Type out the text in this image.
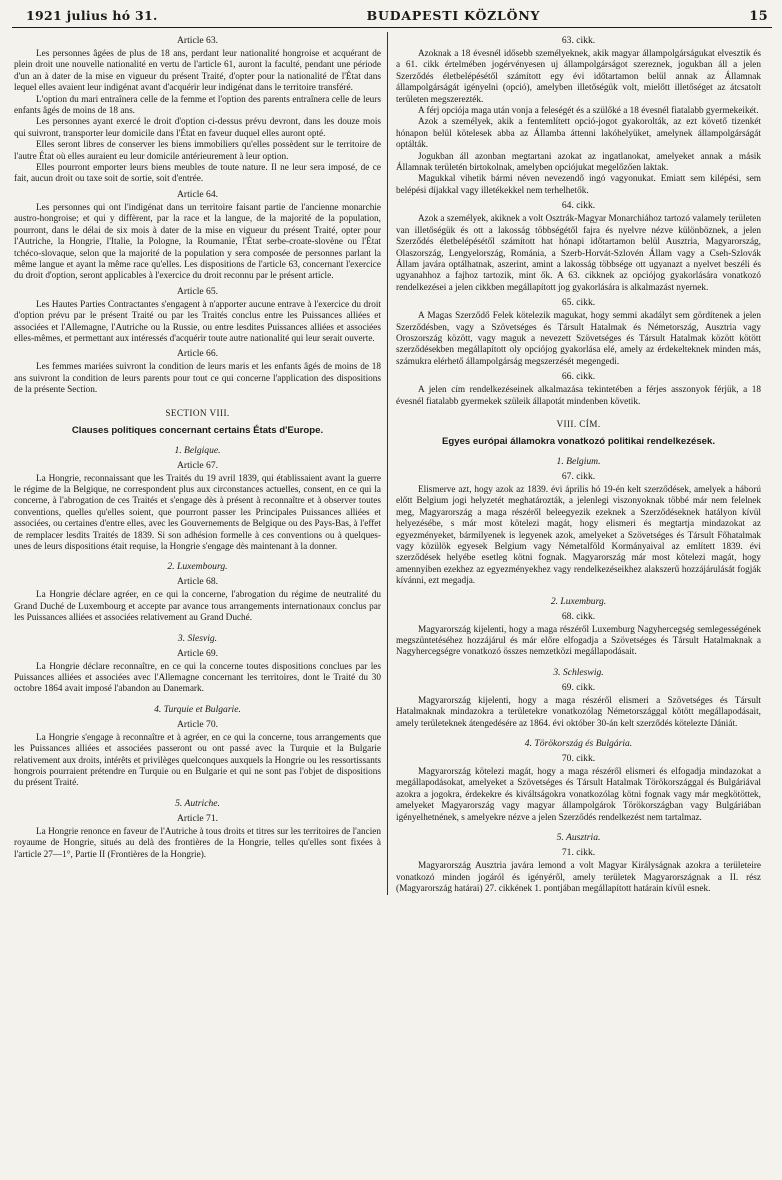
1921 julius hó 31.	BUDAPESTI KÖZLÖNY	15
Article 63.

Les personnes âgées de plus de 18 ans, perdant leur nationalité hongroise et acquérant de plein droit une nouvelle nationalité en vertu de l'article 61, auront la faculté, pendant une période d'un an à dater de la mise en vigueur du présent Traité, d'opter pour la nationalité de l'État dans lequel elles avaient leur indigénat avant d'acquérir leur indigénat dans le territoire transféré.

L'option du mari entraînera celle de la femme et l'option des parents entraînera celle de leurs enfants âgés de moins de 18 ans.

Les personnes ayant exercé le droit d'option ci-dessus prévu devront, dans les douze mois qui suivront, transporter leur domicile dans l'État en faveur duquel elles auront opté.

Elles seront libres de conserver les biens immobiliers qu'elles possèdent sur le territoire de l'autre État où elles auraient eu leur domicile antérieurement à leur option.

Elles pourront emporter leurs biens meubles de toute nature. Il ne leur sera imposé, de ce fait, aucun droit ou taxe soit de sortie, soit d'entrée.

Article 64.

Les personnes qui ont l'indigénat dans un territoire faisant partie de l'ancienne monarchie austro-hongroise; et qui y diffèrent, par la race et la langue, de la majorité de la population, pourront, dans le délai de six mois à dater de la mise en vigueur du présent Traité, opter pour l'Autriche, la Hongrie, l'Italie, la Pologne, la Roumanie, l'État serbe-croate-slovène ou l'État tchéco-slovaque, selon que la majorité de la population y sera composée de personnes parlant la même langue et ayant la même race qu'elles. Les dispositions de l'article 63, concernant l'exercice du droit d'option, seront applicables à l'exercice du droit reconnu par le présent article.

Article 65.

Les Hautes Parties Contractantes s'engagent à n'apporter aucune entrave à l'exercice du droit d'option prévu par le présent Traité ou par les Traités conclus entre les Puissances alliées et associées et l'Allemagne, l'Autriche ou la Russie, ou entre lesdites Puissances alliées et associées elles-mêmes, et permettant aux intéressés d'acquérir toute autre nationalité qui leur serait ouverte.

Article 66.

Les femmes mariées suivront la condition de leurs maris et les enfants âgés de moins de 18 ans suivront la condition de leurs parents pour tout ce qui concerne l'application des dispositions de la présente Section.

SECTION VIII.
Clauses politiques concernant certains États d'Europe.
1. Belgique.
Article 67.

La Hongrie, reconnaissant que les Traités du 19 avril 1839, qui établissaient avant la guerre le régime de la Belgique, ne correspondent plus aux circonstances actuelles, consent, en ce qui la concerne, à l'abrogation de ces Traités et s'engage dès à présent à reconnaître et à observer toutes conventions, quelles qu'elles soient, que pourront passer les Principales Puissances alliées et associées, ou certaines d'entre elles, avec les Gouvernements de Belgique ou des Pays-Bas, à l'effet de remplacer lesdits Traités de 1839. Si son adhésion formelle à ces conventions ou à quelques-unes de leurs dispositions était requise, la Hongrie s'engage dès maintenant à la donner.

2. Luxembourg.
Article 68.

La Hongrie déclare agréer, en ce qui la concerne, l'abrogation du régime de neutralité du Grand Duché de Luxembourg et accepte par avance tous arrangements internationaux conclus par les Puissances alliées et associées relativement au Grand Duché.

3. Slesvig.
Article 69.

La Hongrie déclare reconnaître, en ce qui la concerne toutes dispositions conclues par les Puissances alliées et associées avec l'Allemagne concernant les territoires, dont le Traité du 30 octobre 1864 avait imposé l'abandon au Danemark.

4. Turquie et Bulgarie.
Article 70.

La Hongrie s'engage à reconnaître et à agréer, en ce qui la concerne, tous arrangements que les Puissances alliées et associées passeront ou ont passé avec la Turquie et la Bulgarie relativement aux droits, intérêts et privilèges quelconques auxquels la Hongrie ou les ressortissants hongrois pourraient prétendre en Turquie ou en Bulgarie et qui ne sont pas l'objet de dispositions du présent Traité.

5. Autriche.
Article 71.

La Hongrie renonce en faveur de l'Autriche à tous droits et titres sur les territoires de l'ancien royaume de Hongrie, situés au delà des frontières de la Hongrie, telles qu'elles sont fixées à l'article 27—1°, Partie II (Frontières de la Hongrie).

63. cikk.

Azoknak a 18 évesnél idősebb személyeknek, akik magyar állampolgárságukat elvesztik és a 61. cikk értelmében jogérvényesen uj állampolgárságot szereznek, jogukban áll a jelen Szerződés életbelépésétől számított egy évi időtartamon belül annak az Államnak állampolgárságát igényelni (opció), amelyben illetőségük volt, mielőtt illetőséget az átcsatolt területen megszerezték.

A férj opciója maga után vonja a feleségét és a szülőké a 18 évesnél fiatalabb gyermekeikét.

Azok a személyek, akik a fentemlített opció-jogot gyakorolták, az ezt követő tizenkét hónapon belül kötelesek abba az Államba áttenni lakóhelyüket, amelynek állampolgárságát optálták.

Jogukban áll azonban megtartani azokat az ingatlanokat, amelyeket annak a másik Államnak területén birtokolnak, amelyben opciójukat megelőzően laktak.

Magukkal vihetik bármi néven nevezendő ingó vagyonukat. Emiatt sem kilépési, sem belépési díjakkal vagy illetékekkel nem terhelhetők.

64. cikk.

Azok a személyek, akiknek a volt Osztrák-Magyar Monarchiához tartozó valamely területen van illetőségük és ott a lakosság többségétől fajra és nyelvre nézve különböznek, a jelen Szerződés életbelépésétől számított hat hónapi időtartamon belül Ausztria, Magyarország, Olaszország, Lengyelország, Románia, a Szerb-Horvát-Szlovén Állam vagy a Cseh-Szlovák Állam javára optálhatnak, aszerint, amint a lakosság többsége ott ugyanazt a nyelvet beszéli és ugyanahhoz a fajhoz tartozik, mint ők. A 63. cikknek az opciójog gyakorlására vonatkozó rendelkezései a jelen cikkben megállapított jog gyakorlására is alkalmazást nyernek.

65. cikk.

A Magas Szerződő Felek kötelezik magukat, hogy semmi akadályt sem gördítenek a jelen Szerződésben, vagy a Szövetséges és Társult Hatalmak és Németország, Ausztria vagy Oroszország között, vagy maguk a nevezett Szövetséges és Társult Hatalmak között kötött szerződésekben megállapított oly opciójog gyakorlása elé, amely az érdekelteknek minden más, számukra elérhető állampolgárság megszerzését megengedi.

66. cikk.

A jelen cím rendelkezéseinek alkalmazása tekintetében a férjes asszonyok férjük, a 18 évesnél fiatalabb gyermekek szüleik állapotát mindenben követik.

VIII. CÍM.
Egyes európai államokra vonatkozó politikai rendelkezések.
1. Belgium.
67. cikk.

Elismerve azt, hogy azok az 1839. évi április hó 19-én kelt szerződések, amelyek a háború előtt Belgium jogi helyzetét meghatározták, a jelenlegi viszonyoknak többé már nem felelnek meg, Magyarország a maga részéről beleegyezik ezeknek a Szerződéseknek hatályon kívül helyezésébe, s már most kötelezi magát, hogy elismeri és megtartja mindazokat az egyezményeket, bármilyenek is legyenek azok, amelyeket a Szövetséges és Társult Főhatalmak vagy közülök egyesek Belgium vagy Németalföld Kormányaival az említett 1839. évi szerződések helyébe esetleg kötni fognak. Magyarország már most kötelezi magát, hogy amennyiben ezekhez az egyezményekhez vagy rendelkezéseikhez alakszerű hozzájárulását fogják kívánni, ezt megadja.

2. Luxemburg.
68. cikk.

Magyarország kijelenti, hogy a maga részéről Luxemburg Nagyhercegség semlegességének megszüntetéséhez hozzájárul és már előre elfogadja a Szövetséges és Társult Hatalmaknak a Nagyhercegségre vonatkozó összes nemzetközi megállapodásait.

3. Schleswig.
69. cikk.

Magyarország kijelenti, hogy a maga részéről elismeri a Szövetséges és Társult Hatalmaknak mindazokra a területekre vonatkozólag Németországgal kötött megállapodásait, amely területeknek átengedésére az 1864. évi október 30-án kelt szerződés kötelezte Dániát.

4. Törökország és Bulgária.
70. cikk.

Magyarország kötelezi magát, hogy a maga részéről elismeri és elfogadja mindazokat a megállapodásokat, amelyeket a Szövetséges és Társult Hatalmak Törökországgal és Bulgáriával azokra a jogokra, érdekekre és kiváltságokra vonatkozólag kötni fognak vagy már megkötöttek, amelyeket Magyarország vagy magyar állampolgárok Törökországban vagy Bulgáriában igényelhetnének, s amelyekre nézve a jelen Szerződés rendelkezést nem tartalmaz.

5. Ausztria.
71. cikk.

Magyarország Ausztria javára lemond a volt Magyar Királyságnak azokra a területeire vonatkozó minden jogáról és igényéről, amely területek Magyarországnak a II. rész (Magyarország határai) 27. cikkének 1. pontjában megállapított határain kívül esnek.
